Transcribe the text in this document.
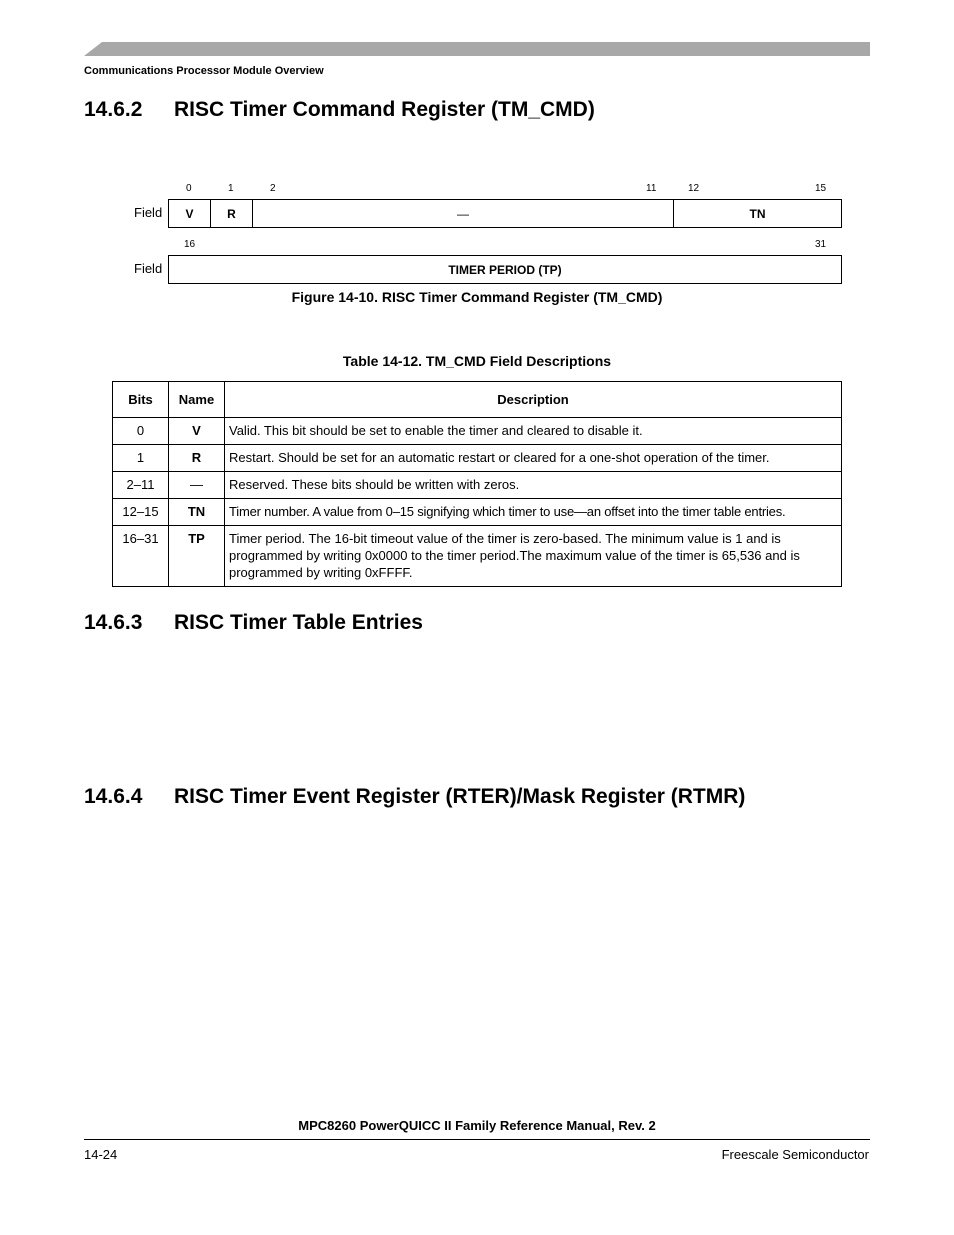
Communications Processor Module Overview
14.6.2 RISC Timer Command Register (TM_CMD)
0	1	2	11	12	15
Field	V	R	—	TN
16	31
Field	TIMER PERIOD (TP)
Figure 14-10. RISC Timer Command Register (TM_CMD)
Table 14-12. TM_CMD Field Descriptions
Bits	Name	Description
0	V	Valid. This bit should be set to enable the timer and cleared to disable it.
1	R	Restart. Should be set for an automatic restart or cleared for a one-shot operation of the timer.
2–11	—	Reserved. These bits should be written with zeros.
12–15	TN	Timer number. A value from 0–15 signifying which timer to use—an offset into the timer table entries.
16–31	TP	Timer period. The 16-bit timeout value of the timer is zero-based. The minimum value is 1 and is programmed by writing 0x0000 to the timer period.The maximum value of the timer is 65,536 and is programmed by writing 0xFFFF.
14.6.3 RISC Timer Table Entries
14.6.4 RISC Timer Event Register (RTER)/Mask Register (RTMR)
MPC8260 PowerQUICC II Family Reference Manual, Rev. 2
14-24	Freescale Semiconductor
